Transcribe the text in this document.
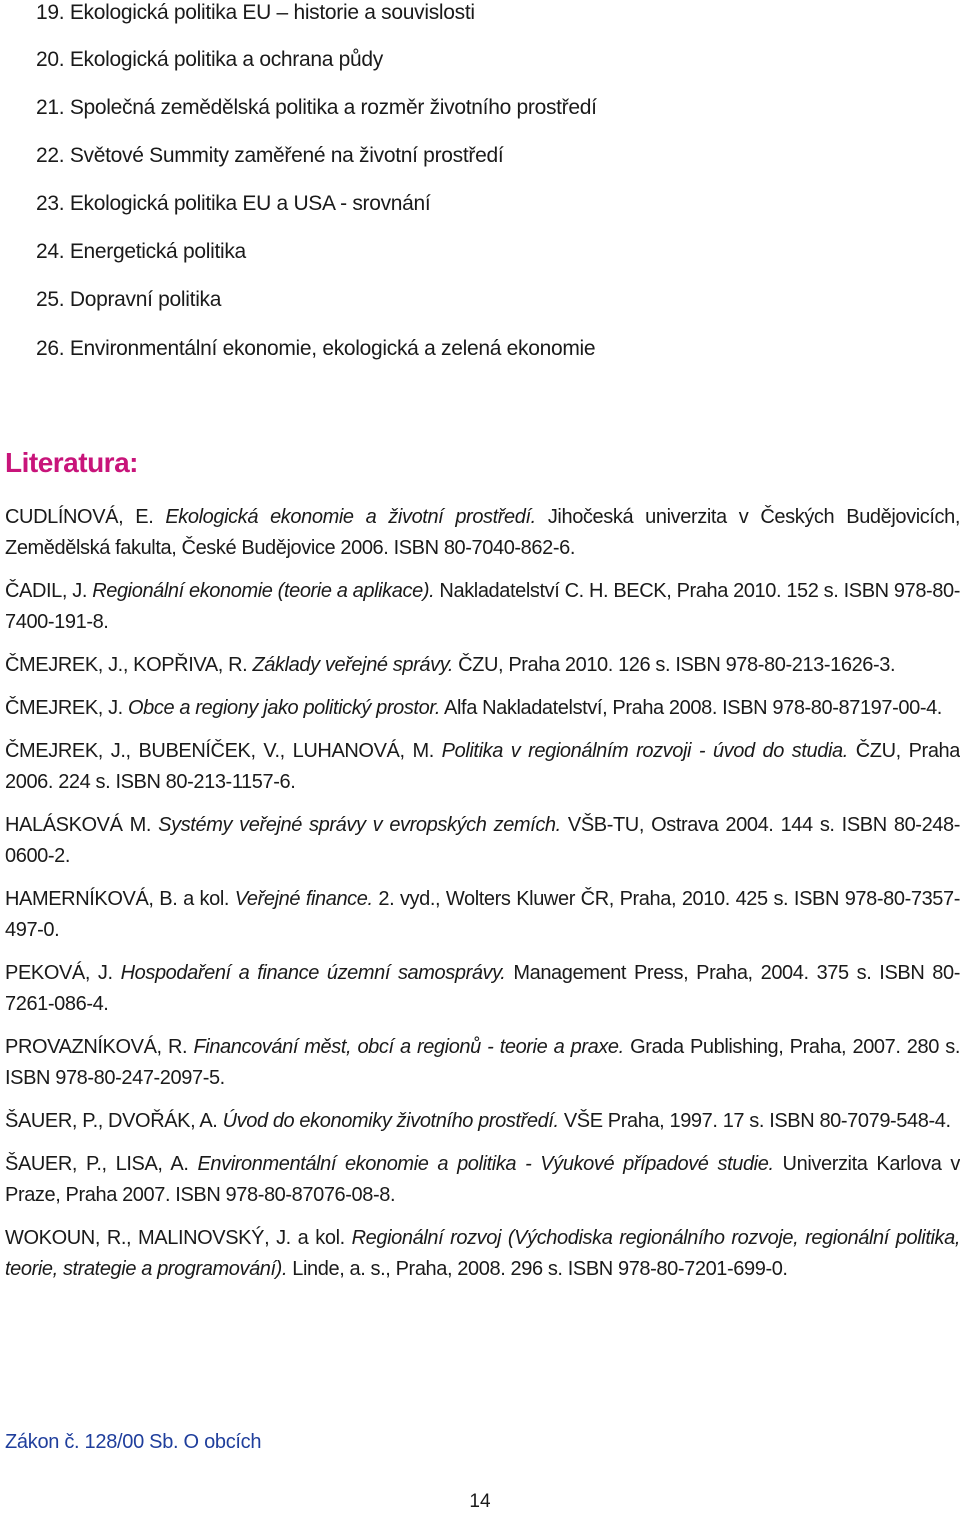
19. Ekologická politika EU – historie a souvislosti
20. Ekologická politika a ochrana půdy
21. Společná zemědělská politika a rozměr životního prostředí
22. Světové Summity zaměřené na životní prostředí
23. Ekologická politika EU a USA - srovnání
24. Energetická politika
25. Dopravní politika
26. Environmentální ekonomie, ekologická a zelená ekonomie
Literatura:
CUDLÍNOVÁ, E. Ekologická ekonomie a životní prostředí. Jihočeská univerzita v Českých Budějovicích, Zemědělská fakulta, České Budějovice 2006. ISBN 80-7040-862-6.
ČADIL, J. Regionální ekonomie (teorie a aplikace). Nakladatelství C. H. BECK, Praha 2010. 152 s. ISBN 978-80-7400-191-8.
ČMEJREK, J., KOPŘIVA, R. Základy veřejné správy. ČZU, Praha 2010. 126 s. ISBN 978-80-213-1626-3.
ČMEJREK, J. Obce a regiony jako politický prostor. Alfa Nakladatelství, Praha 2008. ISBN 978-80-87197-00-4.
ČMEJREK, J., BUBENÍČEK, V., LUHANOVÁ, M. Politika v regionálním rozvoji - úvod do studia. ČZU, Praha 2006. 224 s. ISBN 80-213-1157-6.
HALÁSKOVÁ M. Systémy veřejné správy v evropských zemích. VŠB-TU, Ostrava 2004. 144 s. ISBN 80-248-0600-2.
HAMERNÍKOVÁ, B. a kol. Veřejné finance. 2. vyd., Wolters Kluwer ČR, Praha, 2010. 425 s. ISBN 978-80-7357-497-0.
PEKOVÁ, J. Hospodaření a finance územní samosprávy. Management Press, Praha, 2004. 375 s. ISBN 80-7261-086-4.
PROVAZNÍKOVÁ, R. Financování měst, obcí a regionů - teorie a praxe. Grada Publishing, Praha, 2007. 280 s. ISBN 978-80-247-2097-5.
ŠAUER, P., DVOŘÁK, A. Úvod do ekonomiky životního prostředí. VŠE Praha, 1997. 17 s. ISBN 80-7079-548-4.
ŠAUER, P., LISA, A. Environmentální ekonomie a politika - Výukové případové studie. Univerzita Karlova v Praze, Praha 2007. ISBN 978-80-87076-08-8.
WOKOUN, R., MALINOVSKÝ, J. a kol. Regionální rozvoj (Východiska regionálního rozvoje, regionální politika, teorie, strategie a programování). Linde, a. s., Praha, 2008. 296 s. ISBN 978-80-7201-699-0.
Zákon č. 128/00 Sb. O obcích
14
